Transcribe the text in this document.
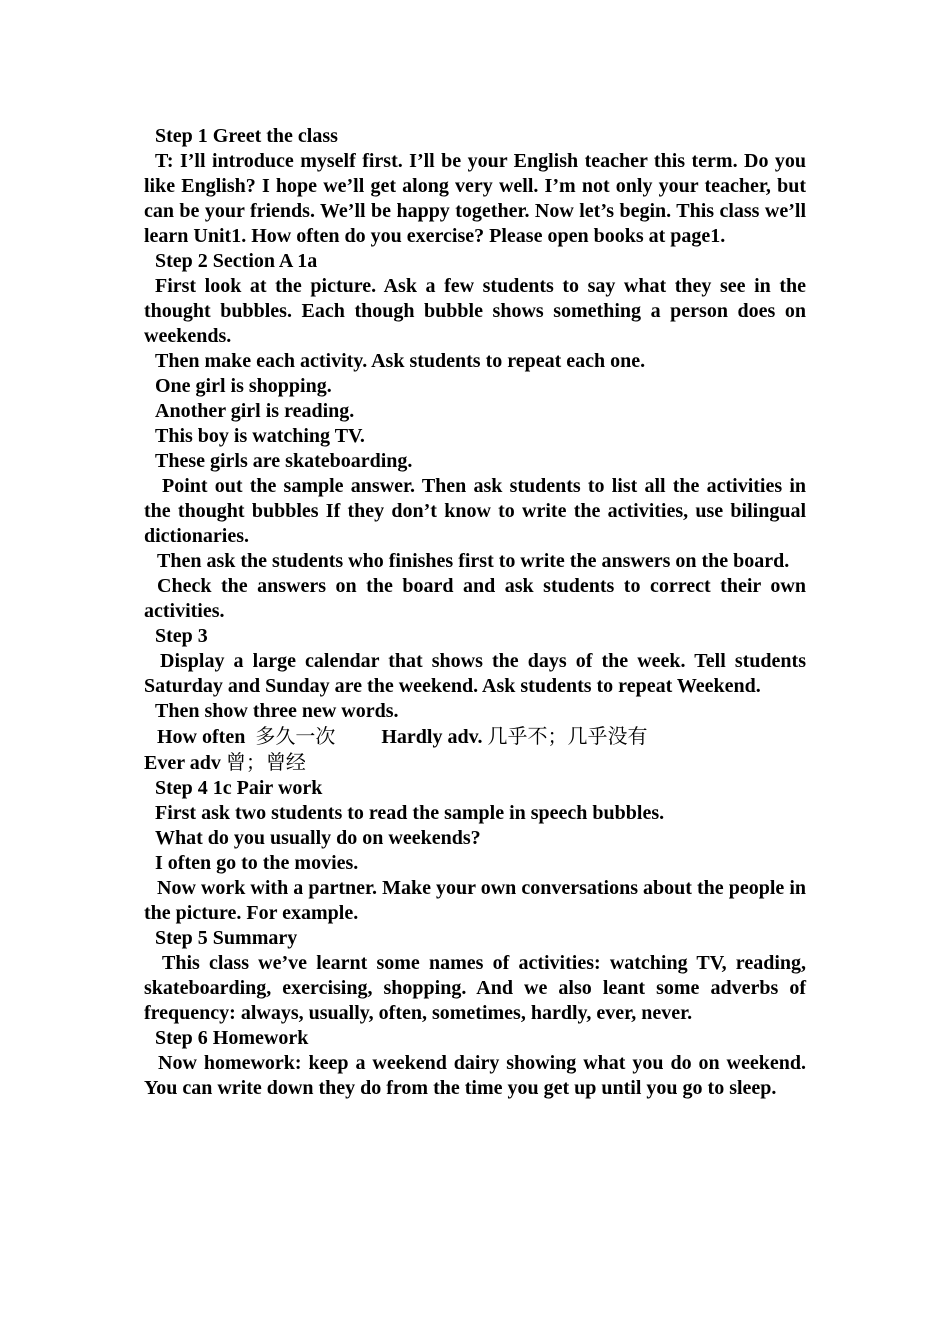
Step 1 Greet the class

T: I’ll introduce myself first. I’ll be your English teacher this term. Do you like English? I hope we’ll get along very well. I’m not only your teacher, but can be your friends. We’ll be happy together. Now let’s begin. This class we’ll learn Unit1. How often do you exercise? Please open books at page1.

Step 2 Section A 1a

First look at the picture. Ask a few students to say what they see in the thought bubbles. Each though bubble shows something a person does on weekends.

Then make each activity. Ask students to repeat each one.

One girl is shopping.

Another girl is reading.

This boy is watching TV.

These girls are skateboarding.

Point out the sample answer. Then ask students to list all the activities in the thought bubbles If they don’t know to write the activities, use bilingual dictionaries.

Then ask the students who finishes first to write the answers on the board.

Check the answers on the board and ask students to correct their own activities.

Step 3

Display a large calendar that shows the days of the week. Tell students Saturday and Sunday are the weekend. Ask students to repeat Weekend.

Then show three new words.

How often 多久一次 Hardly adv. 几乎不；几乎没有

Ever adv 曾；曾经

Step 4 1c Pair work

First ask two students to read the sample in speech bubbles.

What do you usually do on weekends?

I often go to the movies.

Now work with a partner. Make your own conversations about the people in the picture. For example.

Step 5 Summary

This class we’ve learnt some names of activities: watching TV, reading, skateboarding, exercising, shopping. And we also leant some adverbs of frequency: always, usually, often, sometimes, hardly, ever, never.

Step 6 Homework

Now homework: keep a weekend dairy showing what you do on weekend. You can write down they do from the time you get up until you go to sleep.
